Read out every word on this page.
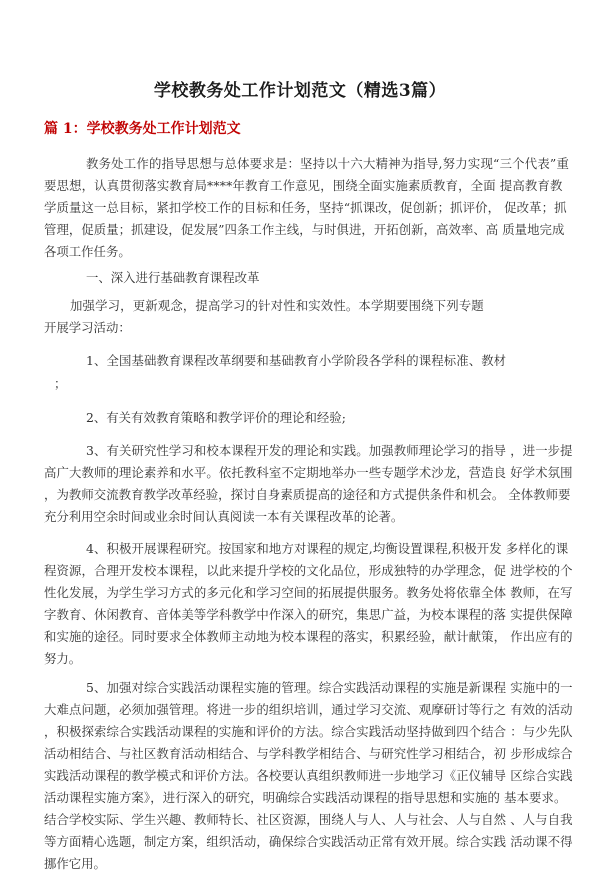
学校教务处工作计划范文（精选3篇）
篇 1：学校教务处工作计划范文
教务处工作的指导思想与总体要求是：坚持以十六大精神为指导,努力实现“三个代表”重
要思想，认真贯彻落实教育局****年教育工作意见，围绕全面实施素质教育，全面 提高教育教
学质量这一总目标，紧扣学校工作的目标和任务，坚持“抓课改，促创新；抓评价， 促改革；抓
管理，促质量；抓建设，促发展”四条工作主线，与时俱进，开拓创新，高效率、高 质量地完成
各项工作任务。
一、深入进行基础教育课程改革
加强学习，更新观念，提高学习的针对性和实效性。本学期要围绕下列专题
开展学习活动：
1、全国基础教育课程改革纲要和基础教育小学阶段各学科的课程标准、教材
；
2、有关有效教育策略和教学评价的理论和经验;
3、有关研究性学习和校本课程开发的理论和实践。加强教师理论学习的指导 ，进一步提
高广大教师的理论素养和水平。依托教科室不定期地举办一些专题学术沙龙，营造良 好学术氛围
，为教师交流教育教学改革经验，探讨自身素质提高的途径和方式提供条件和机会。 全体教师要
充分利用空余时间或业余时间认真阅读一本有关课程改革的论著。
4、积极开展课程研究。按国家和地方对课程的规定,均衡设置课程,积极开发 多样化的课
程资源，合理开发校本课程，以此来提升学校的文化品位，形成独特的办学理念，促 进学校的个
性化发展，为学生学习方式的多元化和学习空间的拓展提供服务。教务处将依靠全体 教师，在写
字教育、休闲教育、音体美等学科教学中作深入的研究，集思广益，为校本课程的落 实提供保障
和实施的途径。同时要求全体教师主动地为校本课程的落实，积累经验，献计献策， 作出应有的
努力。
5、加强对综合实践活动课程实施的管理。综合实践活动课程的实施是新课程 实施中的一
大难点问题，必须加强管理。将进一步的组织培训，通过学习交流、观摩研讨等行之 有效的活动
，积极探索综合实践活动课程的实施和评价的方法。综合实践活动坚持做到四个结合 ：与少先队
活动相结合、与社区教育活动相结合、与学科教学相结合、与研究性学习相结合，初 步形成综合
实践活动课程的教学模式和评价方法。各校要认真组织教师进一步地学习《正仪辅导 区综合实践
活动课程实施方案》，进行深入的研究，明确综合实践活动课程的指导思想和实施的 基本要求。
结合学校实际、学生兴趣、教师特长、社区资源，围绕人与人、人与社会、人与自然 、人与自我
等方面精心选题，制定方案，组织活动，确保综合实践活动正常有效开展。综合实践 活动课不得
挪作它用。
